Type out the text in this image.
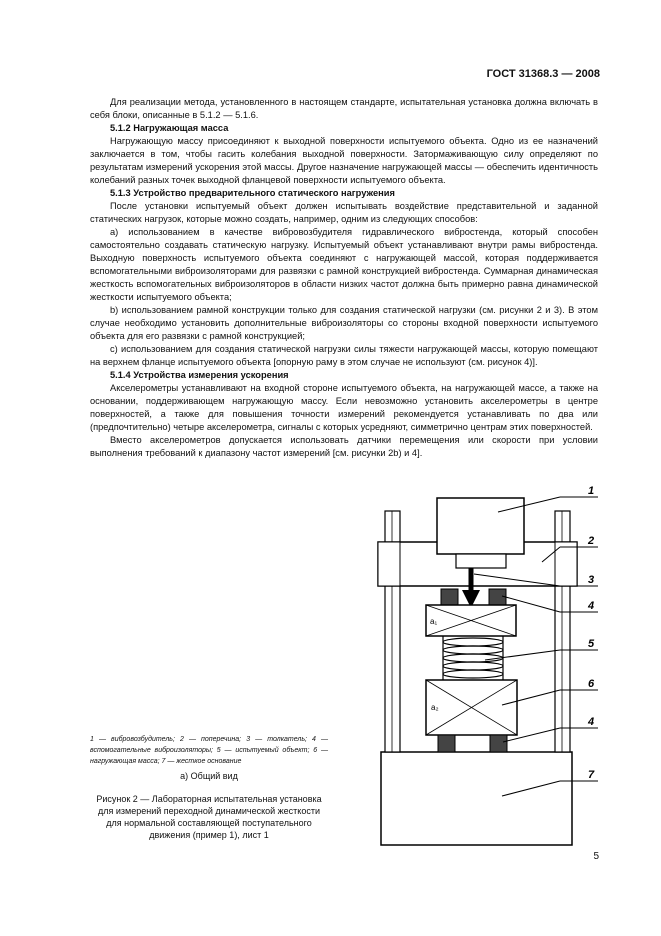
ГОСТ 31368.3 — 2008

Для реализации метода, установленного в настоящем стандарте, испытательная установка должна включать в себя блоки, описанные в 5.1.2 — 5.1.6.

5.1.2 Нагружающая масса

Нагружающую массу присоединяют к выходной поверхности испытуемого объекта. Одно из ее назначений заключается в том, чтобы гасить колебания выходной поверхности. Затормаживающую силу определяют по результатам измерений ускорения этой массы. Другое назначение нагружающей массы — обеспечить идентичность колебаний разных точек выходной фланцевой поверхности испытуемого объекта.

5.1.3 Устройство предварительного статического нагружения

После установки испытуемый объект должен испытывать воздействие представительной и заданной статических нагрузок, которые можно создать, например, одним из следующих способов:

а) использованием в качестве вибровозбудителя гидравлического вибростенда, который способен самостоятельно создавать статическую нагрузку. Испытуемый объект устанавливают внутри рамы вибростенда. Выходную поверхность испытуемого объекта соединяют с нагружающей массой, которая поддерживается вспомогательными виброизоляторами для развязки с рамной конструкцией вибростенда. Суммарная динамическая жесткость вспомогательных виброизоляторов в области низких частот должна быть примерно равна динамической жесткости испытуемого объекта;

b) использованием рамной конструкции только для создания статической нагрузки (см. рисунки 2 и 3). В этом случае необходимо установить дополнительные виброизоляторы со стороны входной поверхности испытуемого объекта для его развязки с рамной конструкцией;

с) использованием для создания статической нагрузки силы тяжести нагружающей массы, которую помещают на верхнем фланце испытуемого объекта [опорную раму в этом случае не используют (см. рисунок 4)].

5.1.4 Устройства измерения ускорения

Акселерометры устанавливают на входной стороне испытуемого объекта, на нагружающей массе, а также на основании, поддерживающем нагружающую массу. Если невозможно установить акселерометры в центре поверхностей, а также для повышения точности измерений рекомендуется устанавливать по два или (предпочтительно) четыре акселерометра, сигналы с которых усредняют, симметрично центрам этих поверхностей.

Вместо акселерометров допускается использовать датчики перемещения или скорости при условии выполнения требований к диапазону частот измерений [см. рисунки 2b) и 4].

a₁
a₂
1
2
3
4
5
6
4
7
1 — вибровозбудитель; 2 — поперечина; 3 — толкатель; 4 — вспомогательные виброизоляторы; 5 — испытуемый объект; 6 — нагружающая масса; 7 — жесткое основание
а) Общий вид
Рисунок 2 — Лабораторная испытательная установка для измерений переходной динамической жесткости для нормальной составляющей поступательного движения (пример 1), лист 1
5
